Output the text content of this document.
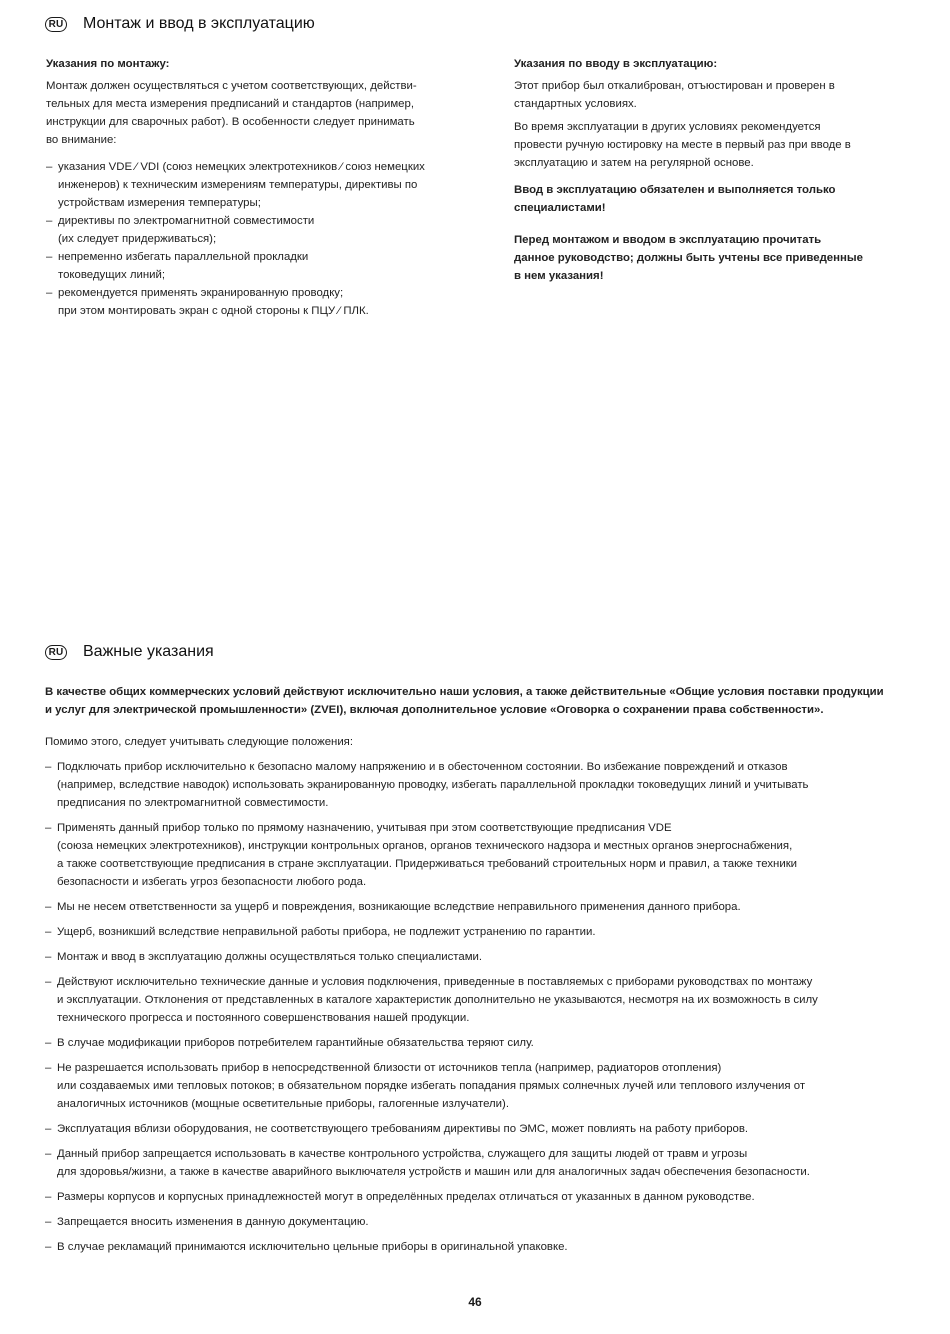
RU Монтаж и ввод в эксплуатацию

Указания по монтажу:

Монтаж должен осуществляться с учетом соответствующих, действи-
тельных для места измерения предписаний и стандартов (например,
инструкции для сварочных работ). В особенности следует принимать
во внимание:

– указания VDE ⁄ VDI (союз немецких электротехников ⁄ союз немецких
инженеров) к техническим измерениям температуры, директивы по
устройствам измерения температуры;
– директивы по электромагнитной совместимости
(их следует придерживаться);
– непременно избегать параллельной прокладки
токоведущих линий;
– рекомендуется применять экранированную проводку;
при этом монтировать экран с одной стороны к ПЦУ ⁄ ПЛК.

Указания по вводу в эксплуатацию:

Этот прибор был откалиброван, отъюстирован и проверен в
стандартных условиях.

Во время эксплуатации в других условиях рекомендуется
провести ручную юстировку на месте в первый раз при вводе в
эксплуатацию и затем на регулярной основе.

Ввод в эксплуатацию обязателен и выполняется только
специалистами!

Перед монтажом и вводом в эксплуатацию прочитать
данное руководство; должны быть учтены все приведенные
в нем указания!

RU Важные указания

В качестве общих коммерческих условий действуют исключительно наши условия, а также действительные «Общие условия поставки продукции
и услуг для электрической промышленности» (ZVEI), включая дополнительное условие «Оговорка о сохранении права собственности».

Помимо этого, следует учитывать следующие положения:

– Подключать прибор исключительно к безопасно малому напряжению и в обесточенном состоянии. Во избежание повреждений и отказов
(например, вследствие наводок) использовать экранированную проводку, избегать параллельной прокладки токоведущих линий и учитывать
предписания по электромагнитной совместимости.
– Применять данный прибор только по прямому назначению, учитывая при этом соответствующие предписания VDE
(союза немецких электротехников), инструкции контрольных органов, органов технического надзора и местных органов энергоснабжения,
а также соответствующие предписания в стране эксплуатации. Придерживаться требований строительных норм и правил, а также техники
безопасности и избегать угроз безопасности любого рода.
– Мы не несем ответственности за ущерб и повреждения, возникающие вследствие неправильного применения данного прибора.
– Ущерб, возникший вследствие неправильной работы прибора, не подлежит устранению по гарантии.
– Монтаж и ввод в эксплуатацию должны осуществляться только специалистами.
– Действуют исключительно технические данные и условия подключения, приведенные в поставляемых с приборами руководствах по монтажу
и эксплуатации. Отклонения от представленных в каталоге характеристик дополнительно не указываются, несмотря на их возможность в силу
технического прогресса и постоянного совершенствования нашей продукции.
– В случае модификации приборов потребителем гарантийные обязательства теряют силу.
– Не разрешается использовать прибор в непосредственной близости от источников тепла (например, радиаторов отопления)
или создаваемых ими тепловых потоков; в обязательном порядке избегать попадания прямых солнечных лучей или теплового излучения от
аналогичных источников (мощные осветительные приборы, галогенные излучатели).
– Эксплуатация вблизи оборудования, не соответствующего требованиям директивы по ЭМС, может повлиять на работу приборов.
– Данный прибор запрещается использовать в качестве контрольного устройства, служащего для защиты людей от травм и угрозы
для здоровья/жизни, а также в качестве аварийного выключателя устройств и машин или для аналогичных задач обеспечения безопасности.
– Размеры корпусов и корпусных принадлежностей могут в определённых пределах отличаться от указанных в данном руководстве.
– Запрещается вносить изменения в данную документацию.
– В случае рекламаций принимаются исключительно цельные приборы в оригинальной упаковке.
46
